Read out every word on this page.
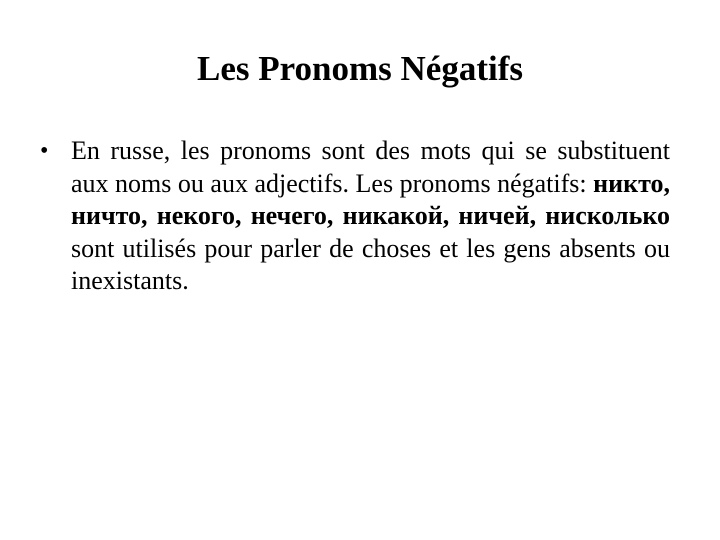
Les Pronoms Négatifs
• En russe, les pronoms sont des mots qui se substituent aux noms ou aux adjectifs. Les pronoms négatifs: никто, ничто, некого, нечего, никакой, ничей, нисколько sont utilisés pour parler de choses et les gens absents ou inexistants.
